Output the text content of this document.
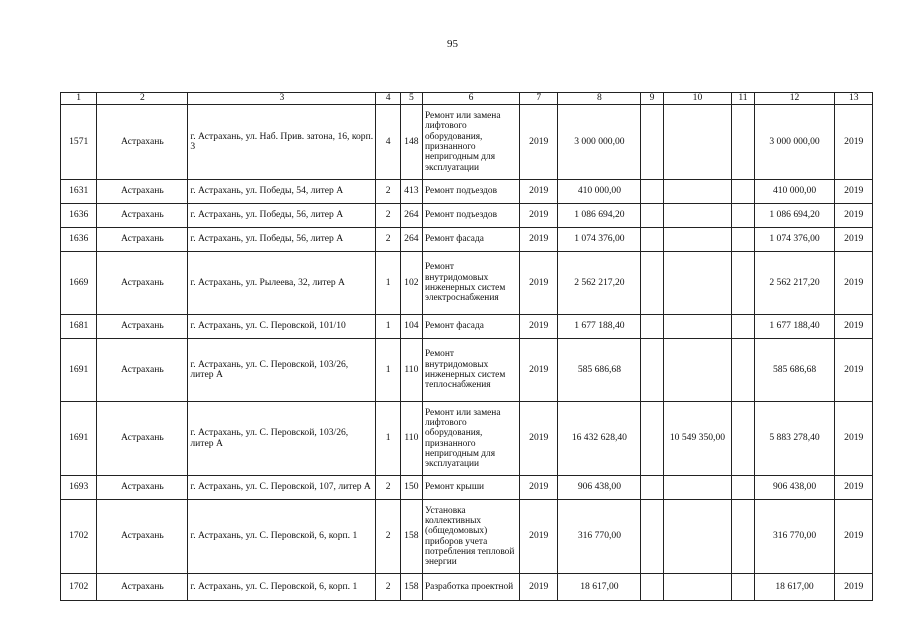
95
1	2	3	4	5	6	7	8	9	10	11	12	13
1571	Астрахань	г. Астрахань, ул. Наб. Прив. затона, 16, корп. 3	4	148	Ремонт или замена лифтового оборудования, признанного непригодным для эксплуатации	2019	3 000 000,00				3 000 000,00	2019
1631	Астрахань	г. Астрахань, ул. Победы, 54, литер А	2	413	Ремонт подъездов	2019	410 000,00				410 000,00	2019
1636	Астрахань	г. Астрахань, ул. Победы, 56, литер А	2	264	Ремонт подъездов	2019	1 086 694,20				1 086 694,20	2019
1636	Астрахань	г. Астрахань, ул. Победы, 56, литер А	2	264	Ремонт фасада	2019	1 074 376,00				1 074 376,00	2019
1669	Астрахань	г. Астрахань, ул. Рылеева, 32, литер А	1	102	Ремонт внутридомовых инженерных систем электроснабжения	2019	2 562 217,20				2 562 217,20	2019
1681	Астрахань	г. Астрахань, ул. С. Перовской, 101/10	1	104	Ремонт фасада	2019	1 677 188,40				1 677 188,40	2019
1691	Астрахань	г. Астрахань, ул. С. Перовской, 103/26, литер А	1	110	Ремонт внутридомовых инженерных систем теплоснабжения	2019	585 686,68				585 686,68	2019
1691	Астрахань	г. Астрахань, ул. С. Перовской, 103/26, литер А	1	110	Ремонт или замена лифтового оборудования, признанного непригодным для эксплуатации	2019	16 432 628,40		10 549 350,00		5 883 278,40	2019
1693	Астрахань	г. Астрахань, ул. С. Перовской, 107, литер А	2	150	Ремонт крыши	2019	906 438,00				906 438,00	2019
1702	Астрахань	г. Астрахань, ул. С. Перовской, 6, корп. 1	2	158	Установка коллективных (общедомовых) приборов учета потребления тепловой энергии	2019	316 770,00				316 770,00	2019
1702	Астрахань	г. Астрахань, ул. С. Перовской, 6, корп. 1	2	158	Разработка проектной	2019	18 617,00				18 617,00	2019
